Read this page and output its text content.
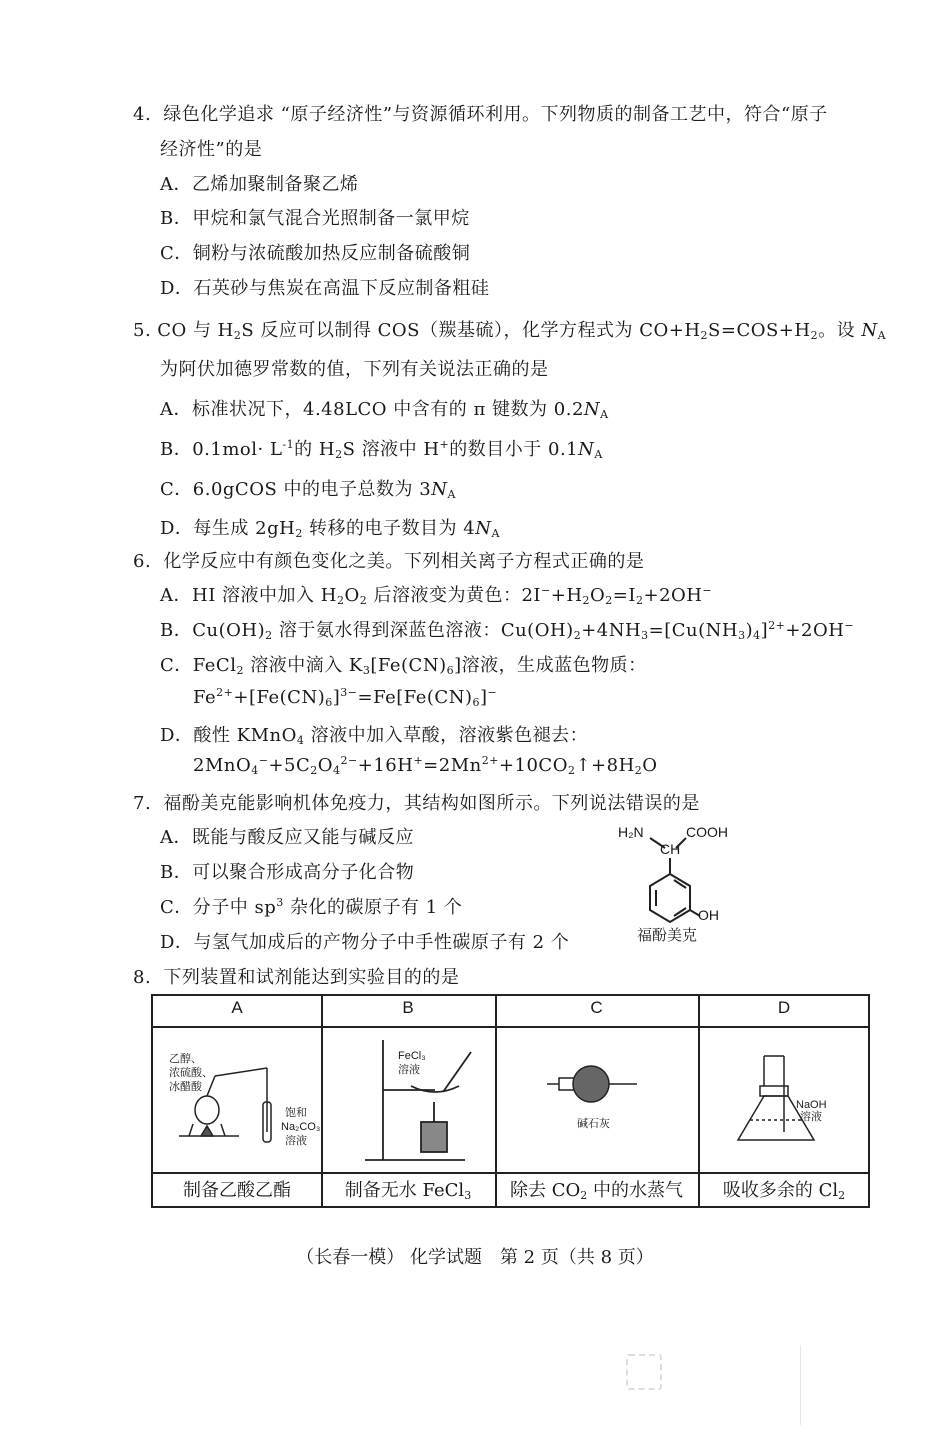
4. 绿色化学追求 “原子经济性”与资源循环利用。下列物质的制备工艺中，符合“原子
经济性”的是
A．乙烯加聚制备聚乙烯
B．甲烷和氯气混合光照制备一氯甲烷
C．铜粉与浓硫酸加热反应制备硫酸铜
D．石英砂与焦炭在高温下反应制备粗硅
5. CO 与 $H_2S$ 反应可以制得 COS（羰基硫），化学方程式为 $CO+H_2S=COS+H_2$。设 $N_A$
为阿伏加德罗常数的值，下列有关说法正确的是
A．标准状况下，4.48LCO 中含有的 π 键数为 $0.2N_A$
B．$0.1mol\cdot L^{-1}$的 $H_2S$ 溶液中 H+的数目小于 $0.1N_A$
C．6.0gCOS 中的电子总数为 $3N_A$
D．每生成 $2gH_2$ 转移的电子数目为 $4N_A$
6. 化学反应中有颜色变化之美。下列相关离子方程式正确的是
A．HI 溶液中加入 $H_2O_2$ 后溶液变为黄色：$2I^-+H_2O_2=I_2+2OH^-$
B．$Cu(OH)_2$ 溶于氨水得到深蓝色溶液：$Cu(OH)_2+4NH_3=[Cu(NH_3)_4]^{2+}+2OH^-$
C．FeCl$_2$ 溶液中滴入 $K_3[Fe(CN)_6]$溶液，生成蓝色物质：
$Fe^{2+}+[Fe(CN)_6]^{3-}=Fe[Fe(CN)_6]^-$
D．酸性 KMnO$_4$ 溶液中加入草酸，溶液紫色褪去：
$2MnO_4^-+5C_2O_4^{2-}+16H^+=2Mn^{2+}+10CO_2↑+8H_2O$
7. 福酚美克能影响机体免疫力，其结构如图所示。下列说法错误的是
A．既能与酸反应又能与碱反应
B．可以聚合形成高分子化合物
C．分子中 $sp^3$ 杂化的碳原子有 1 个
D．与氢气加成后的产物分子中手性碳原子有 2 个
H₂N	COOH
CH
OH
福酚美克
8. 下列装置和试剂能达到实验目的的是
A	B	C	D
乙醇、
浓硫酸、
冰醋酸
饱和
Na₂CO₃
溶液
FeCl₃
溶液
碱石灰
NaOH
溶液
制备乙酸乙酯	制备无水 FeCl$_3$	除去 $CO_2$ 中的水蒸气	吸收多余的 $Cl_2$
（长春一模） 化学试题　第 2 页（共 8 页）
